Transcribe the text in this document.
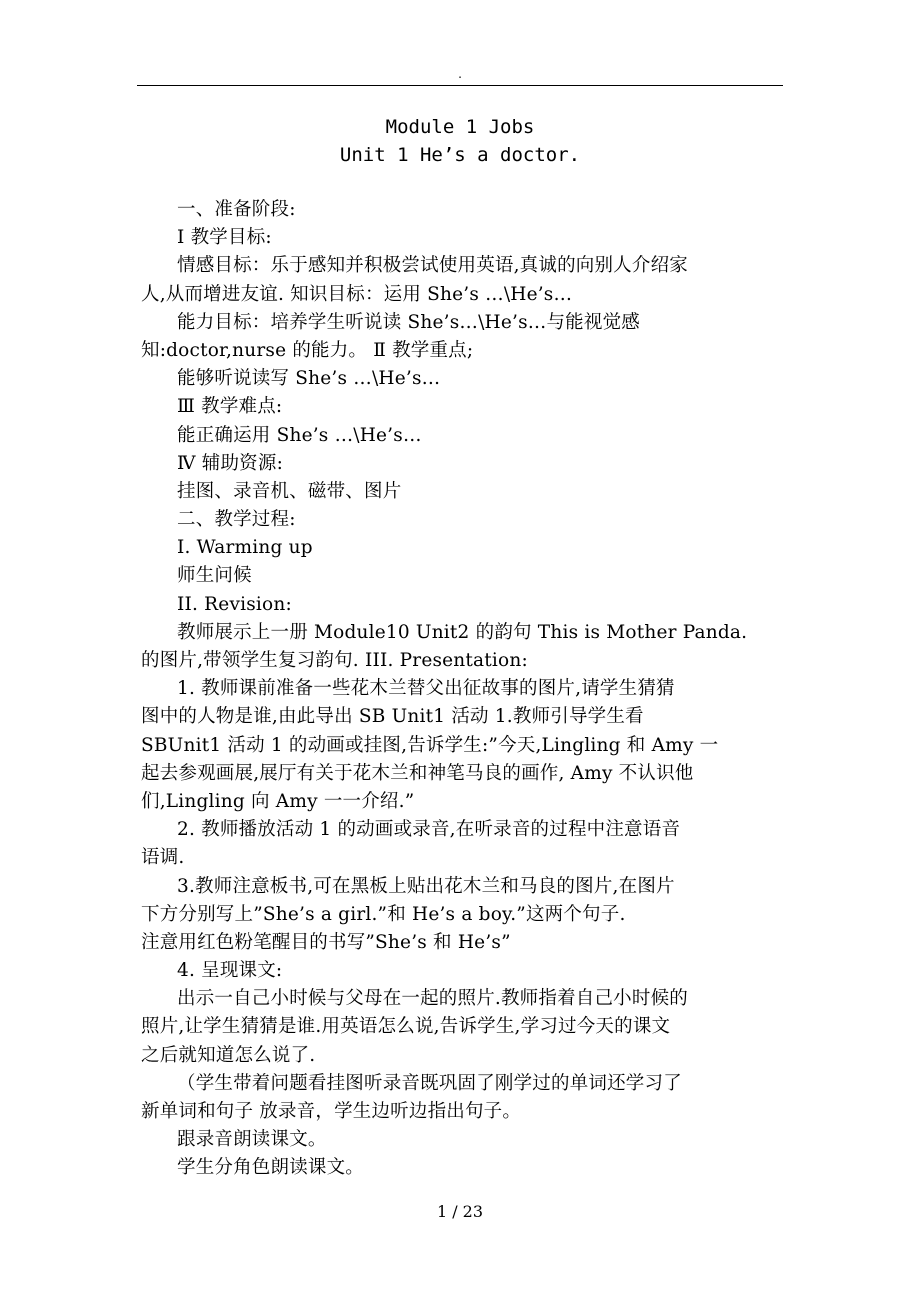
.
Module 1 Jobs
Unit 1 He’s a doctor.
一、准备阶段:
Ⅰ 教学目标:
情感目标：乐于感知并积极尝试使用英语,真诚的向别人介绍家
人,从而增进友谊. 知识目标：运用 She’s …\He’s…
能力目标：培养学生听说读 She’s…\He’s…与能视觉感
知:doctor,nurse 的能力。 Ⅱ 教学重点;
能够听说读写 She’s …\He’s…
Ⅲ 教学难点:
能正确运用 She’s …\He’s…
Ⅳ 辅助资源:
挂图、录音机、磁带、图片
二、教学过程:
I. Warming up
师生问候
II. Revision:
教师展示上一册 Module10 Unit2 的韵句 This is Mother Panda.
的图片,带领学生复习韵句. III. Presentation:
1. 教师课前准备一些花木兰替父出征故事的图片,请学生猜猜
图中的人物是谁,由此导出 SB Unit1 活动 1.教师引导学生看
SBUnit1 活动 1 的动画或挂图,告诉学生:”今天,Lingling 和 Amy 一
起去参观画展,展厅有关于花木兰和神笔马良的画作, Amy 不认识他
们,Lingling 向 Amy 一一介绍.”
2. 教师播放活动 1 的动画或录音,在听录音的过程中注意语音
语调.
3.教师注意板书,可在黑板上贴出花木兰和马良的图片,在图片
下方分别写上”She’s a girl.”和 He’s a boy.”这两个句子.
注意用红色粉笔醒目的书写”She’s 和 He’s”
4. 呈现课文:
出示一自己小时候与父母在一起的照片.教师指着自己小时候的
照片,让学生猜猜是谁.用英语怎么说,告诉学生,学习过今天的课文
之后就知道怎么说了.
（学生带着问题看挂图听录音既巩固了刚学过的单词还学习了
新单词和句子 放录音，学生边听边指出句子。
跟录音朗读课文。
学生分角色朗读课文。
1 / 23
